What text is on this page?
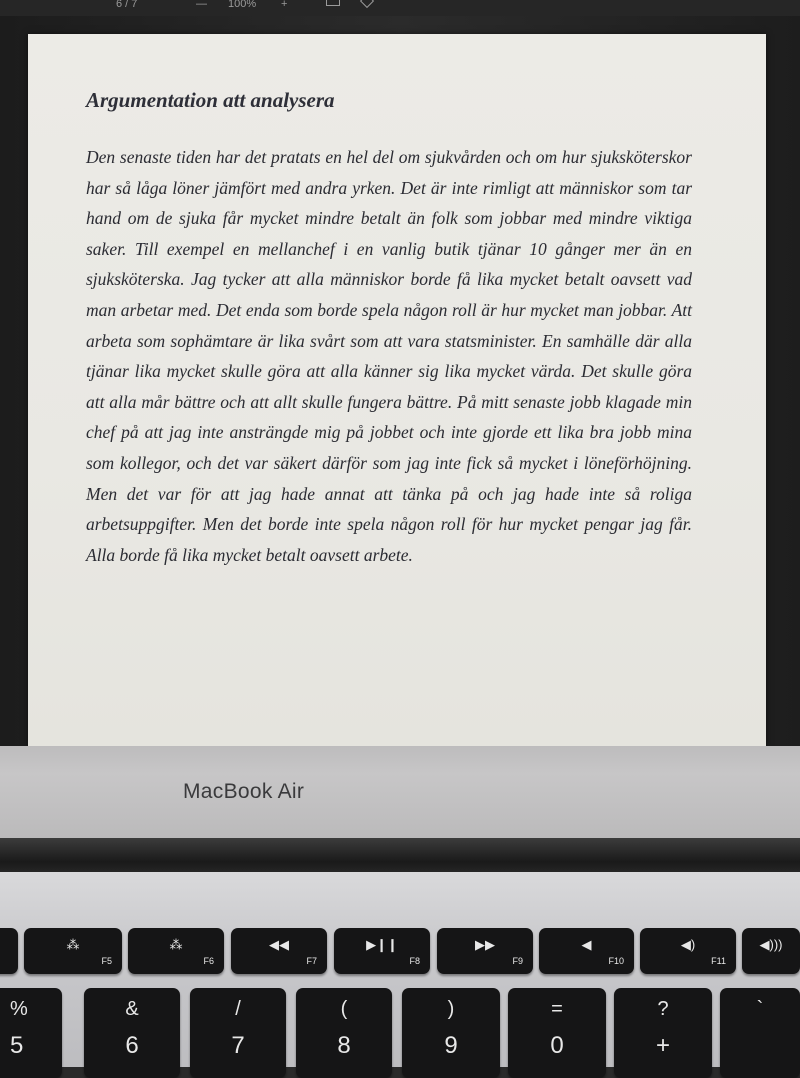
6 / 7	— 100% +
Argumentation att analysera

Den senaste tiden har det pratats en hel del om sjukvården och om hur sjuksköterskor har så låga löner jämfört med andra yrken. Det är inte rimligt att människor som tar hand om de sjuka får mycket mindre betalt än folk som jobbar med mindre viktiga saker. Till exempel en mellanchef i en vanlig butik tjänar 10 gånger mer än en sjuksköterska. Jag tycker att alla människor borde få lika mycket betalt oavsett vad man arbetar med. Det enda som borde spela någon roll är hur mycket man jobbar. Att arbeta som sophämtare är lika svårt som att vara statsminister. En samhälle där alla tjänar lika mycket skulle göra att alla känner sig lika mycket värda. Det skulle göra att alla mår bättre och att allt skulle fungera bättre. På mitt senaste jobb klagade min chef på att jag inte ansträngde mig på jobbet och inte gjorde ett lika bra jobb mina som kollegor, och det var säkert därför som jag inte fick så mycket i löneförhöjning. Men det var för att jag hade annat att tänka på och jag hade inte så roliga arbetsuppgifter. Men det borde inte spela någon roll för hur mycket pengar jag får. Alla borde få lika mycket betalt oavsett arbete.

MacBook Air
⁂
F5
⁂
F6
◀◀
F7
▶❙❙
F8
▶▶
F9
◀
F10
◀)
F11
◀)))
%
5
&
6
/
7
(
8
)
9
=
0
?
+
`
